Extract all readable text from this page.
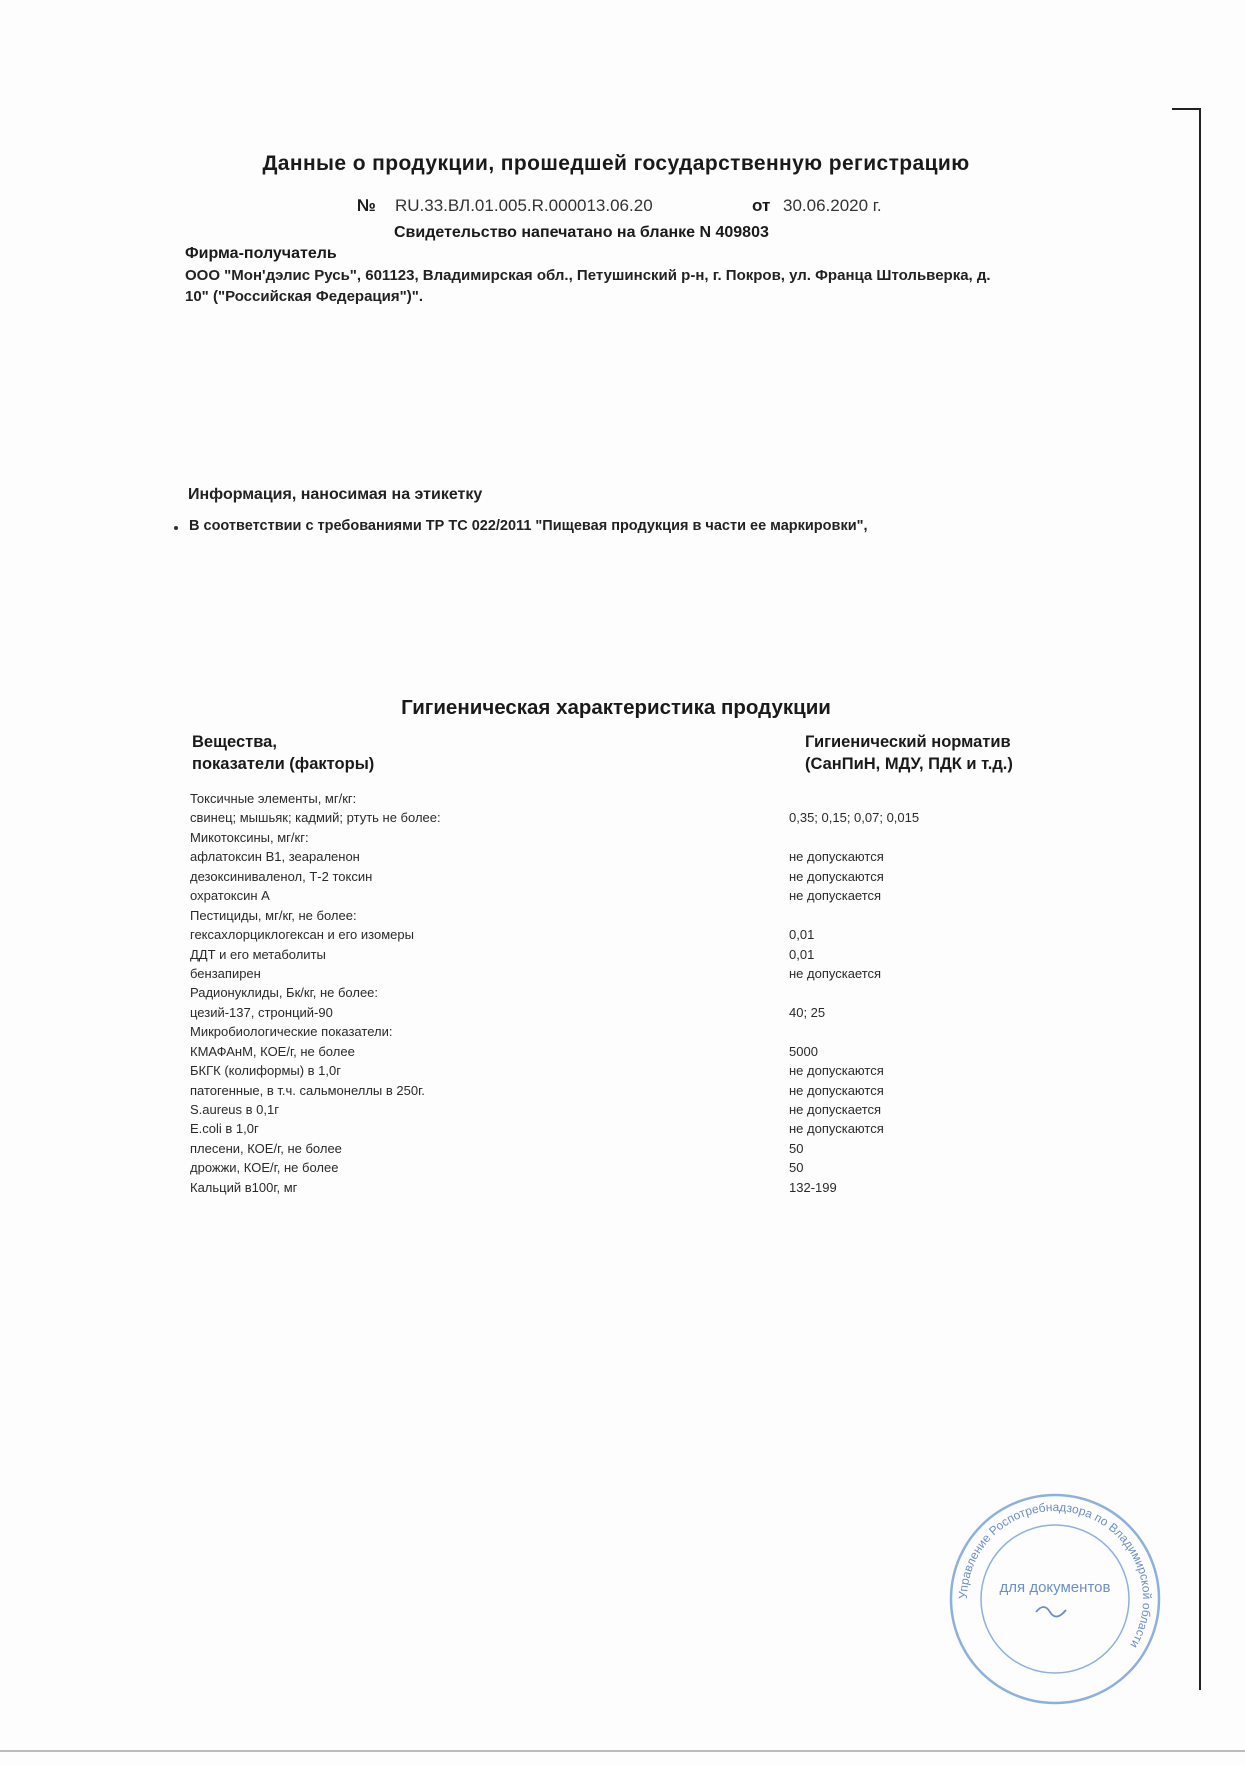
Данные о продукции, прошедшей государственную регистрацию
№ RU.33.ВЛ.01.005.R.000013.06.20	от 30.06.2020 г.
Свидетельство напечатано на бланке N 409803
Фирма-получатель
ООО "Мон'дэлис Русь", 601123, Владимирская обл., Петушинский р-н, г. Покров, ул. Франца Штольверка, д. 10" ("Российская Федерация")".
Информация, наносимая на этикетку
В соответствии с требованиями ТР ТС 022/2011 "Пищевая продукция в части ее маркировки",
Гигиеническая характеристика продукции
Вещества,
показатели (факторы)
Гигиенический норматив
(СанПиН, МДУ, ПДК и т.д.)
Токсичные элементы, мг/кг:
свинец; мышьяк; кадмий; ртуть не более:	0,35; 0,15; 0,07; 0,015
Микотоксины, мг/кг:
афлатоксин В1, зеараленон	не допускаются
дезоксиниваленол, Т-2 токсин	не допускаются
охратоксин А	не допускается
Пестициды, мг/кг, не более:
гексахлорциклогексан и его изомеры	0,01
ДДТ и его метаболиты	0,01
бензапирен	не допускается
Радионуклиды, Бк/кг, не более:
цезий-137, стронций-90	40; 25
Микробиологические показатели:
КМАФАнМ, КОЕ/г, не более	5000
БКГК (колиформы) в 1,0г	не допускаются
патогенные, в т.ч. сальмонеллы в 250г.	не допускаются
S.aureus в 0,1г	не допускается
E.coli в 1,0г	не допускаются
плесени, КОЕ/г, не более	50
дрожжи, КОЕ/г, не более	50
Кальций в100г, мг	132-199
Управление Роспотребнадзора по Владимирской области
для документов
